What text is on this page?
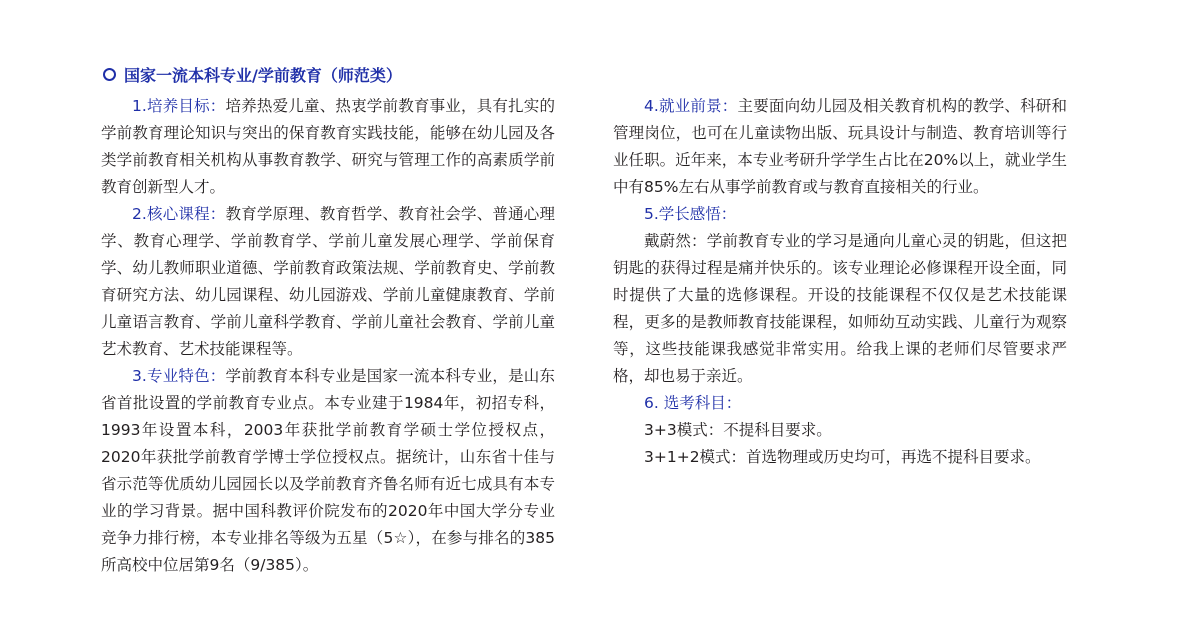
国家一流本科专业/学前教育（师范类）

1.培养目标：培养热爱儿童、热衷学前教育事业，具有扎实的学前教育理论知识与突出的保育教育实践技能，能够在幼儿园及各类学前教育相关机构从事教育教学、研究与管理工作的高素质学前教育创新型人才。

2.核心课程：教育学原理、教育哲学、教育社会学、普通心理学、教育心理学、学前教育学、学前儿童发展心理学、学前保育学、幼儿教师职业道德、学前教育政策法规、学前教育史、学前教育研究方法、幼儿园课程、幼儿园游戏、学前儿童健康教育、学前儿童语言教育、学前儿童科学教育、学前儿童社会教育、学前儿童艺术教育、艺术技能课程等。

3.专业特色：学前教育本科专业是国家一流本科专业，是山东省首批设置的学前教育专业点。本专业建于1984年，初招专科，1993年设置本科，2003年获批学前教育学硕士学位授权点，2020年获批学前教育学博士学位授权点。据统计，山东省十佳与省示范等优质幼儿园园长以及学前教育齐鲁名师有近七成具有本专业的学习背景。据中国科教评价院发布的2020年中国大学分专业竞争力排行榜，本专业排名等级为五星（5☆），在参与排名的385所高校中位居第9名（9/385）。

4.就业前景：主要面向幼儿园及相关教育机构的教学、科研和管理岗位，也可在儿童读物出版、玩具设计与制造、教育培训等行业任职。近年来，本专业考研升学学生占比在20%以上，就业学生中有85%左右从事学前教育或与教育直接相关的行业。

5.学长感悟：

戴蔚然：学前教育专业的学习是通向儿童心灵的钥匙，但这把钥匙的获得过程是痛并快乐的。该专业理论必修课程开设全面，同时提供了大量的选修课程。开设的技能课程不仅仅是艺术技能课程，更多的是教师教育技能课程，如师幼互动实践、儿童行为观察等，这些技能课我感觉非常实用。给我上课的老师们尽管要求严格，却也易于亲近。

6. 选考科目：

3+3模式：不提科目要求。

3+1+2模式：首选物理或历史均可，再选不提科目要求。
